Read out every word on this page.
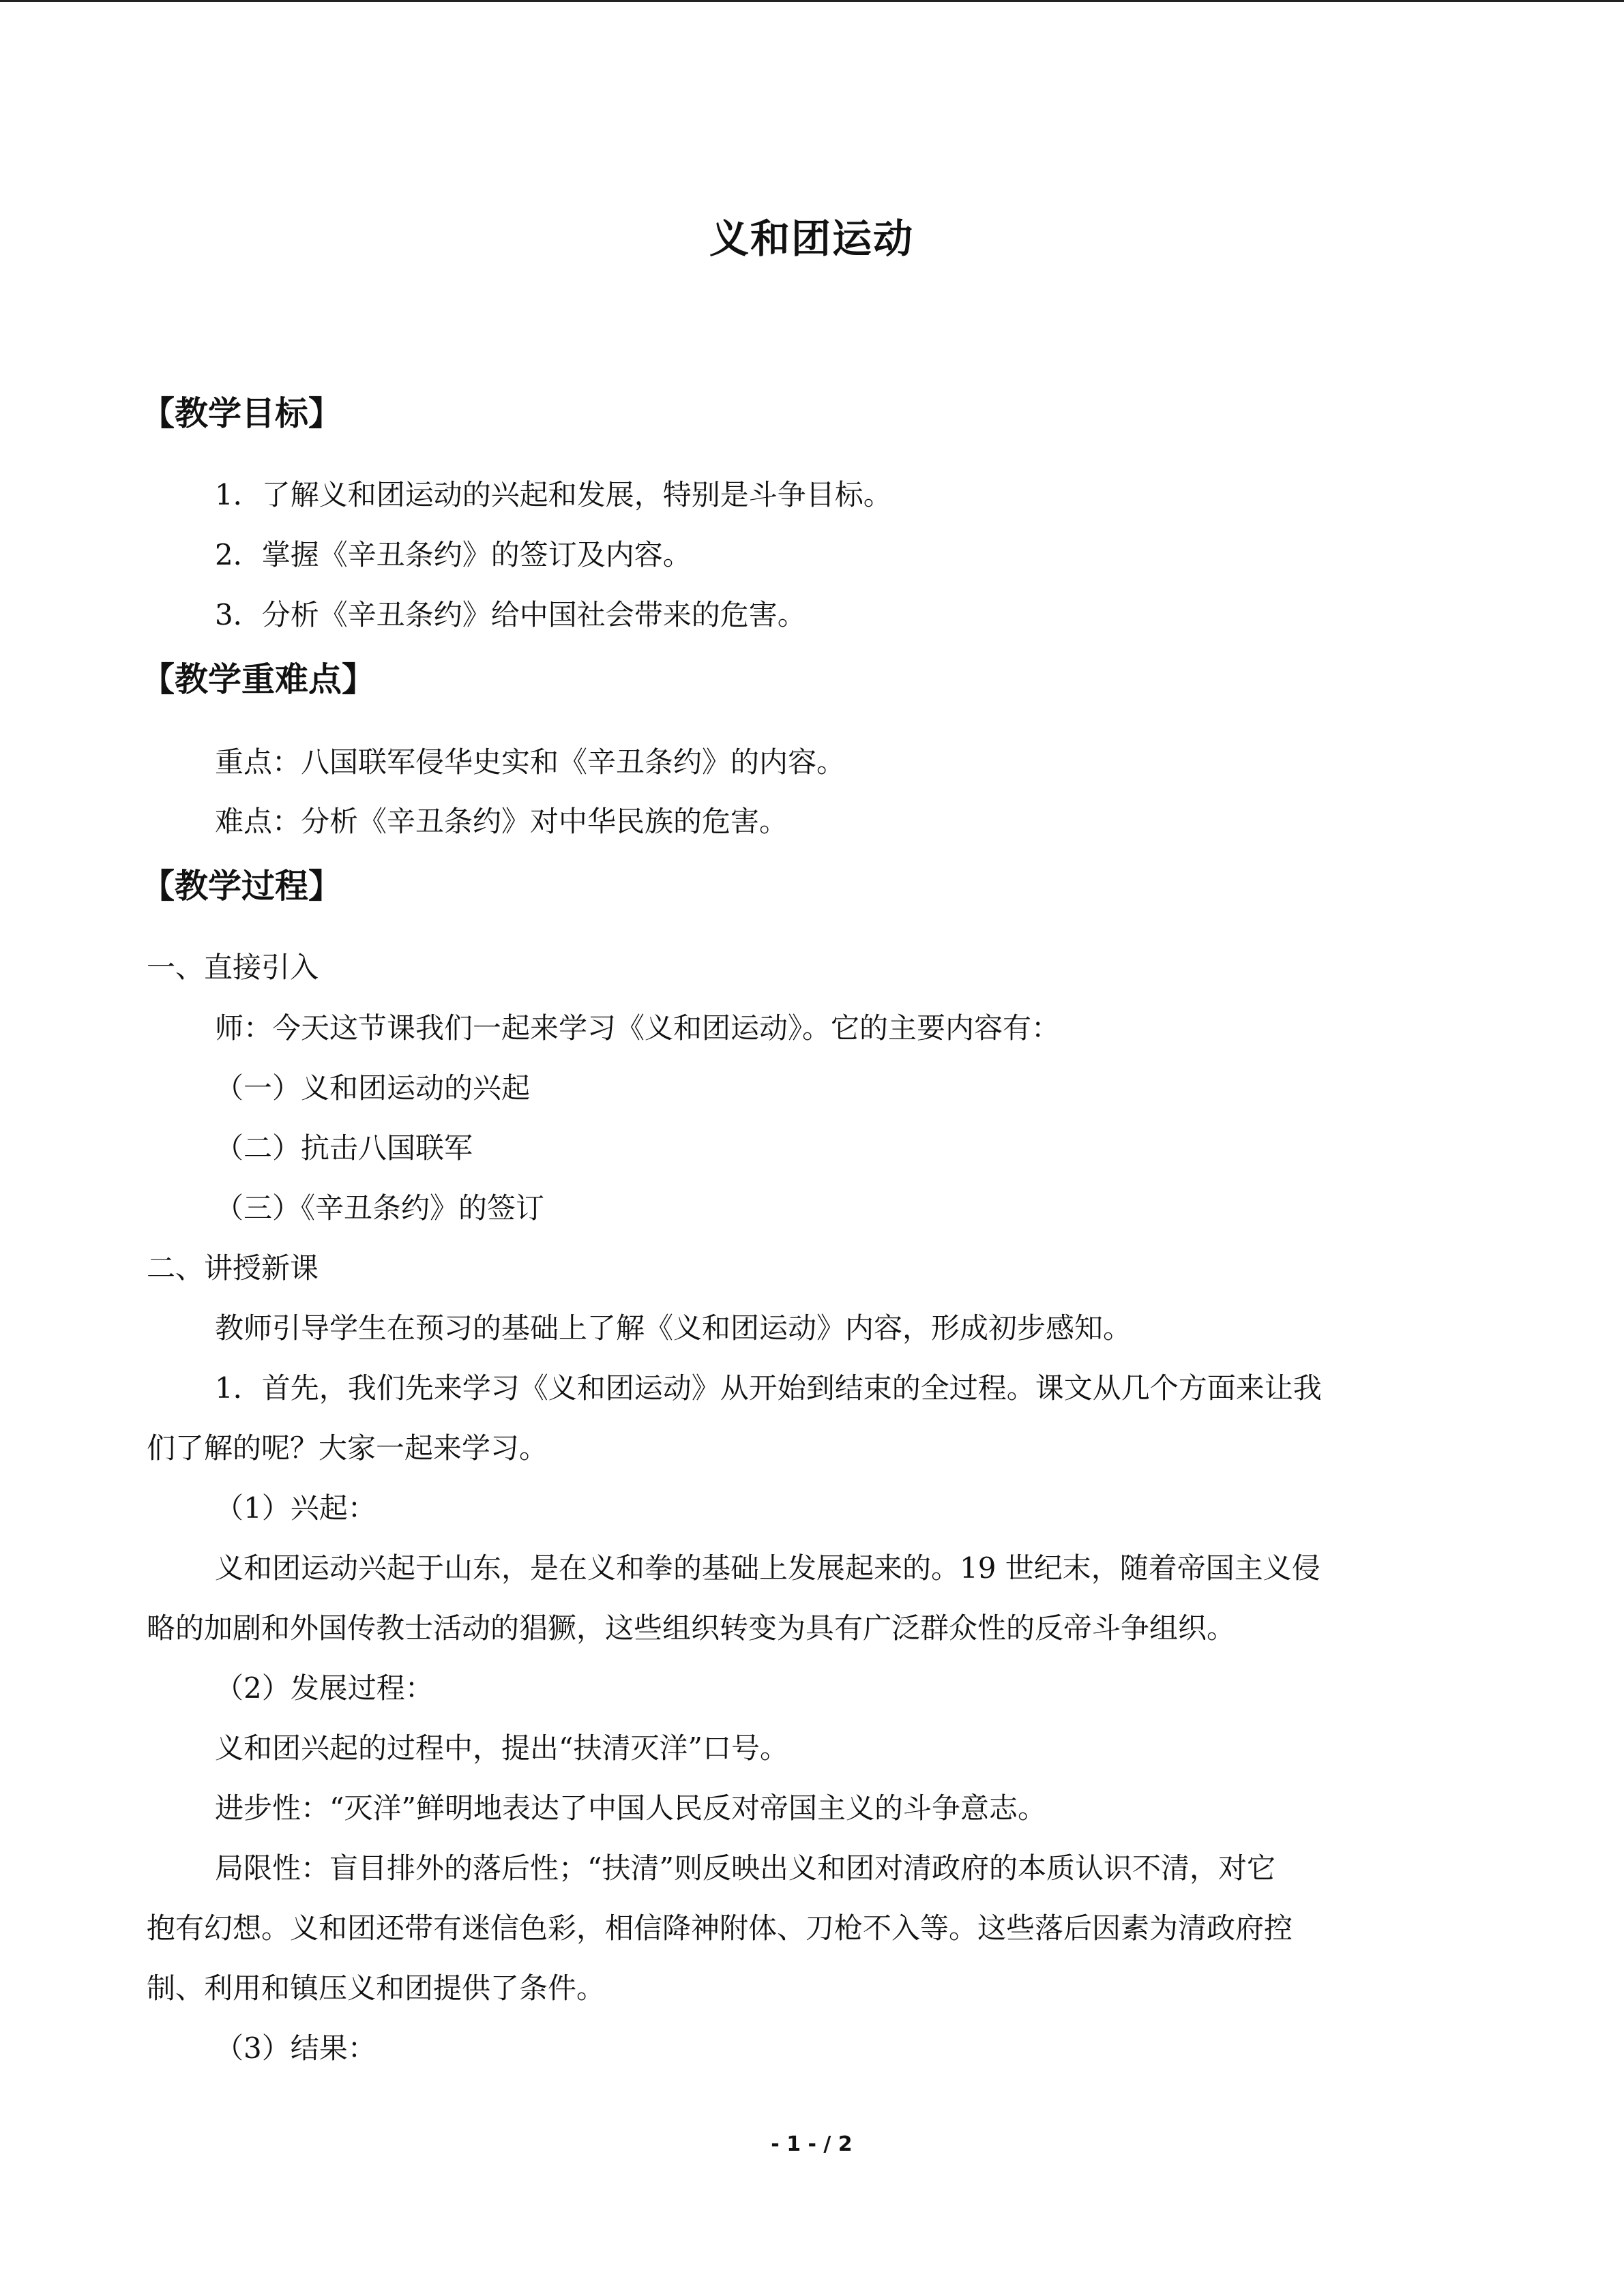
义和团运动
【教学目标】
1．了解义和团运动的兴起和发展，特别是斗争目标。
2．掌握《辛丑条约》的签订及内容。
3．分析《辛丑条约》给中国社会带来的危害。
【教学重难点】
重点：八国联军侵华史实和《辛丑条约》的内容。
难点：分析《辛丑条约》对中华民族的危害。
【教学过程】
一、直接引入
师：今天这节课我们一起来学习《义和团运动》。它的主要内容有：
（一）义和团运动的兴起
（二）抗击八国联军
（三）《辛丑条约》的签订
二、讲授新课
教师引导学生在预习的基础上了解《义和团运动》内容，形成初步感知。
1．首先，我们先来学习《义和团运动》从开始到结束的全过程。课文从几个方面来让我
们了解的呢？大家一起来学习。
（1）兴起：
义和团运动兴起于山东，是在义和拳的基础上发展起来的。19 世纪末，随着帝国主义侵
略的加剧和外国传教士活动的猖獗，这些组织转变为具有广泛群众性的反帝斗争组织。
（2）发展过程：
义和团兴起的过程中，提出“扶清灭洋”口号。
进步性：“灭洋”鲜明地表达了中国人民反对帝国主义的斗争意志。
局限性：盲目排外的落后性；“扶清”则反映出义和团对清政府的本质认识不清，对它
抱有幻想。义和团还带有迷信色彩，相信降神附体、刀枪不入等。这些落后因素为清政府控
制、利用和镇压义和团提供了条件。
（3）结果：
- 1 - / 2
